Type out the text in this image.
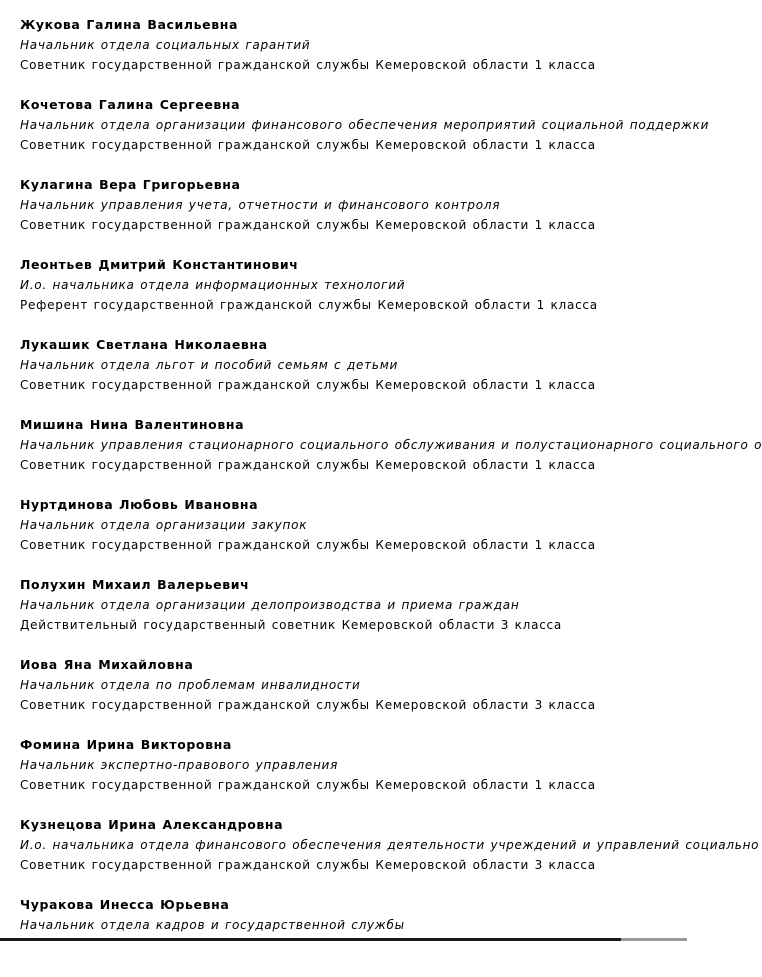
Жукова Галина Васильевна
Начальник отдела социальных гарантий
Советник государственной гражданской службы Кемеровской области 1 класса
Кочетова Галина Сергеевна
Начальник отдела организации финансового обеспечения мероприятий социальной поддержки
Советник государственной гражданской службы Кемеровской области 1 класса
Кулагина Вера Григорьевна
Начальник управления учета, отчетности и финансового контроля
Советник государственной гражданской службы Кемеровской области 1 класса
Леонтьев Дмитрий Константинович
И.о. начальника отдела информационных технологий
Референт государственной гражданской службы Кемеровской области 1 класса
Лукашик Светлана Николаевна
Начальник отдела льгот и пособий семьям с детьми
Советник государственной гражданской службы Кемеровской области 1 класса
Мишина Нина Валентиновна
Начальник управления стационарного социального обслуживания и полустационарного социального о
Советник государственной гражданской службы Кемеровской области 1 класса
Нуртдинова Любовь Ивановна
Начальник отдела организации закупок
Советник государственной гражданской службы Кемеровской области 1 класса
Полухин Михаил Валерьевич
Начальник отдела организации делопроизводства и приема граждан
Действительный государственный советник Кемеровской области 3 класса
Иова Яна Михайловна
Начальник отдела по проблемам инвалидности
Советник государственной гражданской службы Кемеровской области 3 класса
Фомина Ирина Викторовна
Начальник экспертно-правового управления
Советник государственной гражданской службы Кемеровской области 1 класса
Кузнецова Ирина Александровна
И.о. начальника отдела финансового обеспечения деятельности учреждений и управлений социально
Советник государственной гражданской службы Кемеровской области 3 класса
Чуракова Инесса Юрьевна
Начальник отдела кадров и государственной службы
